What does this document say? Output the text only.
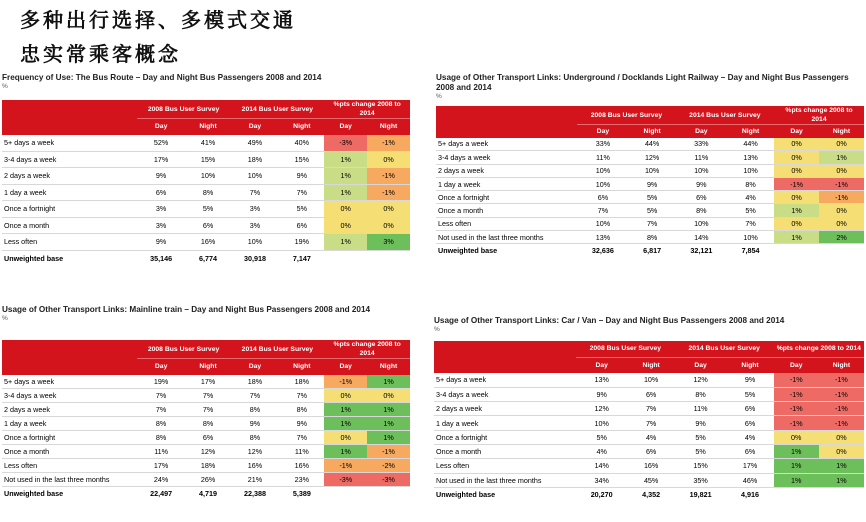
多种出行选择、多模式交通
忠实常乘客概念
Frequency of Use: The Bus Route – Day and Night Bus Passengers 2008 and 2014
%
	2008 Bus User Survey		2014 Bus User Survey		%pts change 2008 to 2014	
	Day	Night	Day	Night	Day	Night
5+ days a week	52%	41%	49%	40%	-3%	-1%
3-4 days a week	17%	15%	18%	15%	1%	0%
2 days a week	9%	10%	10%	9%	1%	-1%
1 day a week	6%	8%	7%	7%	1%	-1%
Once a fortnight	3%	5%	3%	5%	0%	0%
Once a month	3%	6%	3%	6%	0%	0%
Less often	9%	16%	10%	19%	1%	3%
Unweighted base	35,146	6,774	30,918	7,147		
Usage of Other Transport Links: Underground / Docklands Light Railway – Day and Night Bus Passengers 2008 and 2014
%
	2008 Bus User Survey		2014 Bus User Survey		%pts change 2008 to 2014	
	Day	Night	Day	Night	Day	Night
5+ days a week	33%	44%	33%	44%	0%	0%
3-4 days a week	11%	12%	11%	13%	0%	1%
2 days a week	10%	10%	10%	10%	0%	0%
1 day a week	10%	9%	9%	8%	-1%	-1%
Once a fortnight	6%	5%	6%	4%	0%	-1%
Once a month	7%	5%	8%	5%	1%	0%
Less often	10%	7%	10%	7%	0%	0%
Not used in the last three months	13%	8%	14%	10%	1%	2%
Unweighted base	32,636	6,817	32,121	7,854		
Usage of Other Transport Links: Mainline train – Day and Night Bus Passengers 2008 and 2014
%
	2008 Bus User Survey		2014 Bus User Survey		%pts change 2008 to 2014	
	Day	Night	Day	Night	Day	Night
5+ days a week	19%	17%	18%	18%	-1%	1%
3-4 days a week	7%	7%	7%	7%	0%	0%
2 days a week	7%	7%	8%	8%	1%	1%
1 day a week	8%	8%	9%	9%	1%	1%
Once a fortnight	8%	6%	8%	7%	0%	1%
Once a month	11%	12%	12%	11%	1%	-1%
Less often	17%	18%	16%	16%	-1%	-2%
Not used in the last three months	24%	26%	21%	23%	-3%	-3%
Unweighted base	22,497	4,719	22,388	5,389		
Usage of Other Transport Links: Car / Van – Day and Night Bus Passengers 2008 and 2014
%
	2008 Bus User Survey		2014 Bus User Survey		%pts change 2008 to 2014	
	Day	Night	Day	Night	Day	Night
5+ days a week	13%	10%	12%	9%	-1%	-1%
3-4 days a week	9%	6%	8%	5%	-1%	-1%
2 days a week	12%	7%	11%	6%	-1%	-1%
1 day a week	10%	7%	9%	6%	-1%	-1%
Once a fortnight	5%	4%	5%	4%	0%	0%
Once a month	4%	6%	5%	6%	1%	0%
Less often	14%	16%	15%	17%	1%	1%
Not used in the last three months	34%	45%	35%	46%	1%	1%
Unweighted base	20,270	4,352	19,821	4,916		
